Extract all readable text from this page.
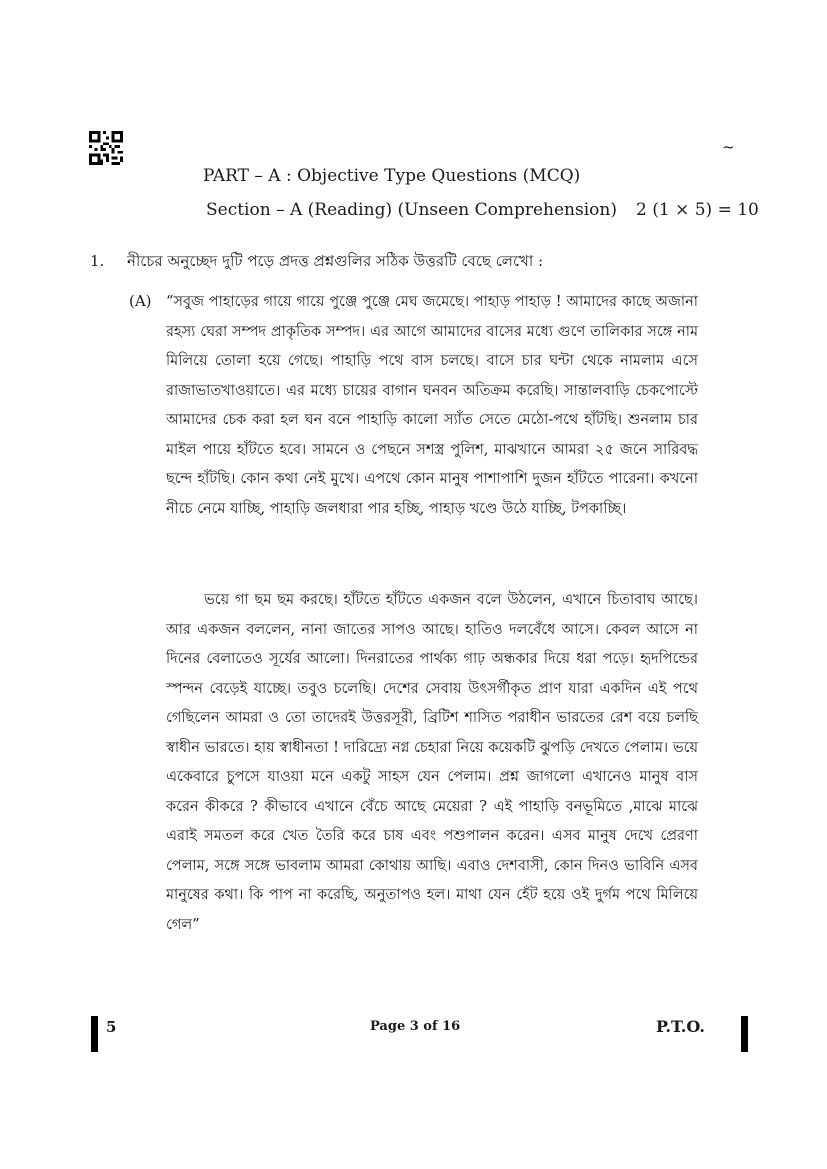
~
PART – A : Objective Type Questions (MCQ)
Section – A (Reading) (Unseen Comprehension) 2 (1 × 5) = 10
1. নীচের অনুচ্ছেদ দুটি পড়ে প্রদত্ত প্রশ্নগুলির সঠিক উত্তরটি বেছে লেখো :
(A) “সবুজ পাহাড়ের গায়ে গায়ে পুঞ্জে পুঞ্জে মেঘ জমেছে। পাহাড় পাহাড় ! আমাদের কাছে অজানা রহস্য ঘেরা সম্পদ প্রাকৃতিক সম্পদ। এর আগে আমাদের বাসের মধ্যে গুণে তালিকার সঙ্গে নাম মিলিয়ে তোলা হয়ে গেছে। পাহাড়ি পথে বাস চলছে। বাসে চার ঘন্টা থেকে নামলাম এসে রাজাভাতখাওয়াতে। এর মধ্যে চায়ের বাগান ঘনবন অতিক্রম করেছি। সান্তালবাড়ি চেকপোস্টে আমাদের চেক করা হল ঘন বনে পাহাড়ি কালো স্যাঁত সেতে মেঠো-পথে হাঁটছি। শুনলাম চার মাইল পায়ে হাঁটতে হবে। সামনে ও পেছনে সশস্ত্র পুলিশ, মাঝখানে আমরা ২৫ জনে সারিবদ্ধ ছন্দে হাঁটছি। কোন কথা নেই মুখে। এপথে কোন মানুষ পাশাপাশি দুজন হাঁটতে পারেনা। কখনো নীচে নেমে যাচ্ছি, পাহাড়ি জলধারা পার হচ্ছি, পাহাড় খণ্ডে উঠে যাচ্ছি, টপকাচ্ছি।
ভয়ে গা ছম ছম করছে। হাঁটতে হাঁটতে একজন বলে উঠলেন, এখানে চিতাবাঘ আছে। আর একজন বললেন, নানা জাতের সাপও আছে। হাতিও দলবেঁধে আসে। কেবল আসে না দিনের বেলাতেও সূর্যের আলো। দিনরাতের পার্থক্য গাঢ় অন্ধকার দিয়ে ধরা পড়ে। হৃদপিন্ডের স্পন্দন বেড়েই যাচ্ছে। তবুও চলেছি। দেশের সেবায় উৎসর্গীকৃত প্রাণ যারা একদিন এই পথে গেছিলেন আমরা ও তো তাদেরই উত্তরসূরী, ব্রিটিশ শাসিত পরাধীন ভারতের রেশ বয়ে চলছি স্বাধীন ভারতে। হায় স্বাধীনতা ! দারিদ্র্যে নগ্ন চেহারা নিয়ে কয়েকটি ঝুপড়ি দেখতে পেলাম। ভয়ে একেবারে চুপসে যাওয়া মনে একটু সাহস যেন পেলাম। প্রশ্ন জাগলো এখানেও মানুষ বাস করেন কীকরে ? কীভাবে এখানে বেঁচে আছে মেয়েরা ? এই পাহাড়ি বনভূমিতে ,মাঝে মাঝে এরাই সমতল করে খেত তৈরি করে চাষ এবং পশুপালন করেন। এসব মানুষ দেখে প্রেরণা পেলাম, সঙ্গে সঙ্গে ভাবলাম আমরা কোথায় আছি। এবাও দেশবাসী, কোন দিনও ভাবিনি এসব মানুষের কথা। কি পাপ না করেছি, অনুতাপও হল। মাথা যেন হেঁট হয়ে ওই দুর্গম পথে মিলিয়ে গেল”
5	Page 3 of 16	P.T.O.
